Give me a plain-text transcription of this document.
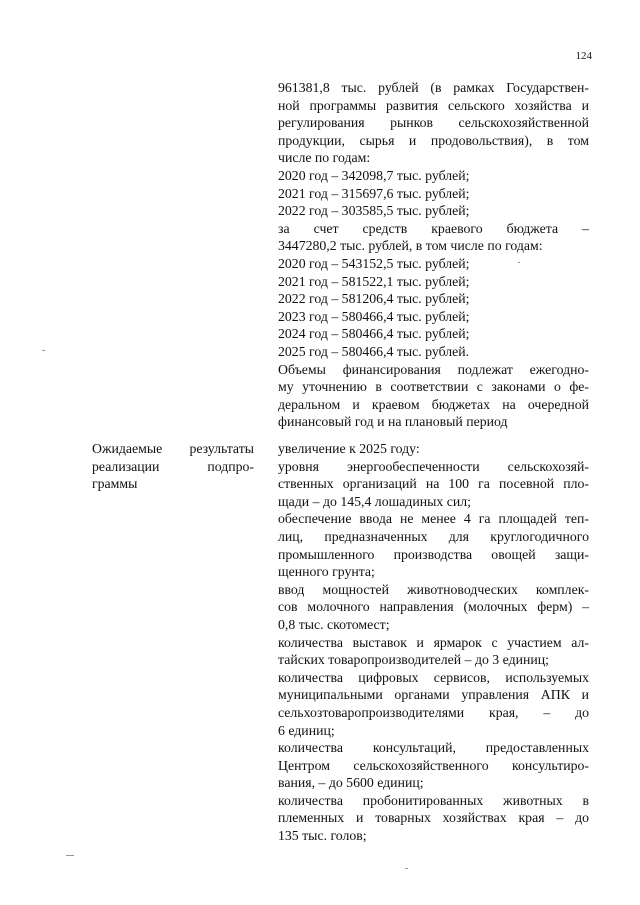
124
961381,8 тыс. рублей (в рамках Государствен-
ной программы развития сельского хозяйства и
регулирования рынков сельскохозяйственной
продукции, сырья и продовольствия), в том
числе по годам:
2020 год – 342098,7 тыс. рублей;
2021 год – 315697,6 тыс. рублей;
2022 год – 303585,5 тыс. рублей;
за счет средств краевого бюджета –
3447280,2 тыс. рублей, в том числе по годам:
2020 год – 543152,5 тыс. рублей;
2021 год – 581522,1 тыс. рублей;
2022 год – 581206,4 тыс. рублей;
2023 год – 580466,4 тыс. рублей;
2024 год – 580466,4 тыс. рублей;
2025 год – 580466,4 тыс. рублей.
Объемы финансирования подлежат ежегодно-
му уточнению в соответствии с законами о фе-
деральном и краевом бюджетах на очередной
финансовый год и на плановый период
Ожидаемые результаты
реализации подпро-
граммы
увеличение к 2025 году:
уровня энергообеспеченности сельскохозяй-
ственных организаций на 100 га посевной пло-
щади – до 145,4 лошадиных сил;
обеспечение ввода не менее 4 га площадей теп-
лиц, предназначенных для круглогодичного
промышленного производства овощей защи-
щенного грунта;
ввод мощностей животноводческих комплек-
сов молочного направления (молочных ферм) –
0,8 тыс. скотомест;
количества выставок и ярмарок с участием ал-
тайских товаропроизводителей – до 3 единиц;
количества цифровых сервисов, используемых
муниципальными органами управления АПК и
сельхозтоваропроизводителями края, – до
6 единиц;
количества консультаций, предоставленных
Центром сельскохозяйственного консультиро-
вания, – до 5600 единиц;
количества пробонитированных животных в
племенных и товарных хозяйствах края – до
135 тыс. голов;
